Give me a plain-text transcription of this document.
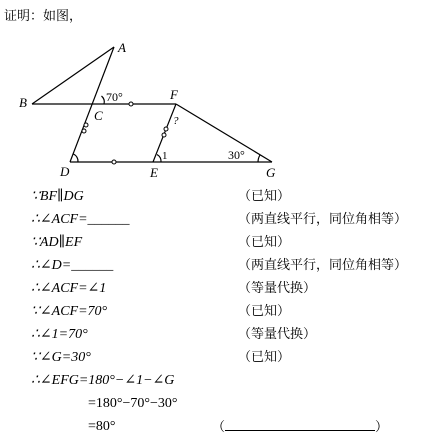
证明：如图，
A
B
C
D	E
F
G
70°
1
?
30°
∵BF∥DG	（已知）
∴∠ACF=______	（两直线平行，同位角相等）
∵AD∥EF	（已知）
∴∠D=______	（两直线平行，同位角相等）
∴∠ACF=∠1	（等量代换）
∵∠ACF=70°	（已知）
∴∠1=70°	（等量代换）
∵∠G=30°	（已知）
∴∠EFG=180°−∠1−∠G
=180°−70°−30°
=80°	（	）
